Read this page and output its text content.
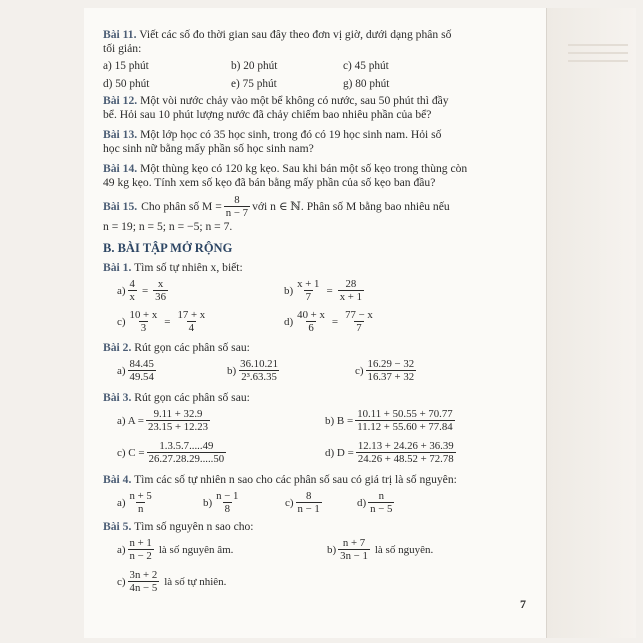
Bài 11. Viết các số đo thời gian sau đây theo đơn vị giờ, dưới dạng phân số
tối giản:
a) 15 phút	b) 20 phút	c) 45 phút
d) 50 phút	e) 75 phút	g) 80 phút
Bài 12. Một vòi nước chảy vào một bể không có nước, sau 50 phút thì đầy
bể. Hỏi sau 10 phút lượng nước đã chảy chiếm bao nhiêu phần của bể?
Bài 13. Một lớp học có 35 học sinh, trong đó có 19 học sinh nam. Hỏi số
học sinh nữ bằng mấy phần số học sinh nam?
Bài 14. Một thùng kẹo có 120 kg kẹo. Sau khi bán một số kẹo trong thùng còn
49 kg kẹo. Tính xem số kẹo đã bán bằng mấy phần của số kẹo ban đầu?
Bài 15. Cho phân số $M = \frac{8}{n - 7}$ với n ∈ ℕ. Phân số M bằng bao nhiêu nếu
n = 19; n = 5; n = −5; n = 7.
B. BÀI TẬP MỞ RỘNG
Bài 1. Tìm số tự nhiên x, biết:
$a) \frac{4}{x} = \frac{x}{36}$	$b) \frac{x + 1}{7} = \frac{28}{x + 1}$
$c) \frac{10 + x}{3} = \frac{17 + x}{4}$	$d) \frac{40 + x}{6} = \frac{77 - x}{7}$
Bài 2. Rút gọn các phân số sau:
$a) \frac{84.45}{49.54}$	$b) \frac{36.10.21}{\text{2³.63.35}}$	$c) \frac{16.29 - 32}{16.37 + 32}$
Bài 3. Rút gọn các phân số sau:
a) $A = \frac{9.11 + 32.9}{23.15 + 12.23}$	b) $B = \frac{10.11 + 50.55 + 70.77}{11.12 + 55.60 + 77.84}$
c) $C = \frac{1.3.5.7.....49}{26.27.28.29.....50}$	d) $D = \frac{12.13 + 24.26 + 36.39}{24.26 + 48.52 + 72.78}$
Bài 4. Tìm các số tự nhiên n sao cho các phân số sau có giá trị là số nguyên:
$a) \frac{n + 5}{n}$	$b) \frac{n - 1}{8}$	$c) \frac{8}{n - 1}$	$d) \frac{n}{n - 5}$
Bài 5. Tìm số nguyên n sao cho:
$a) \frac{n + 1}{n - 2}$ là số nguyên âm.	$b) \frac{n + 7}{3n - 1}$ là số nguyên.
$c) \frac{3n + 2}{4n - 5}$ là số tự nhiên.
7
